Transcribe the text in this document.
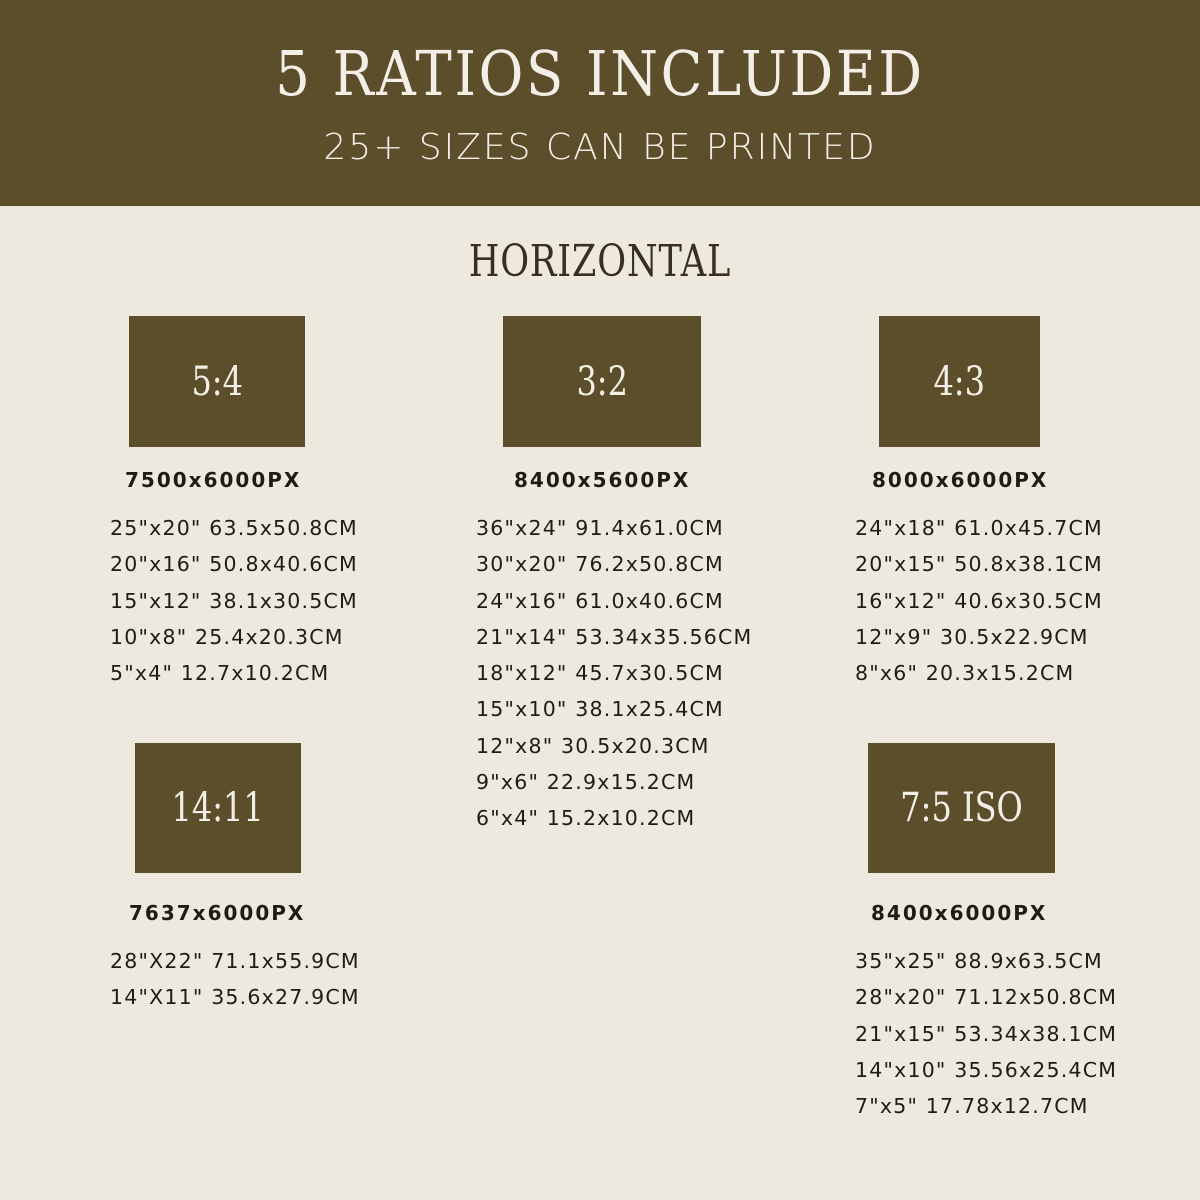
5 RATIOS INCLUDED
25+ SIZES CAN BE PRINTED
HORIZONTAL
5:4
7500x6000PX
25"x20" 63.5x50.8CM
20"x16" 50.8x40.6CM
15"x12" 38.1x30.5CM
10"x8" 25.4x20.3CM
5"x4" 12.7x10.2CM
3:2
8400x5600PX
36"x24" 91.4x61.0CM
30"x20" 76.2x50.8CM
24"x16" 61.0x40.6CM
21"x14" 53.34x35.56CM
18"x12" 45.7x30.5CM
15"x10" 38.1x25.4CM
12"x8" 30.5x20.3CM
9"x6" 22.9x15.2CM
6"x4" 15.2x10.2CM
4:3
8000x6000PX
24"x18" 61.0x45.7CM
20"x15" 50.8x38.1CM
16"x12" 40.6x30.5CM
12"x9" 30.5x22.9CM
8"x6" 20.3x15.2CM
14:11
7637x6000PX
28"X22" 71.1x55.9CM
14"X11" 35.6x27.9CM
7:5 ISO
8400x6000PX
35"x25" 88.9x63.5CM
28"x20" 71.12x50.8CM
21"x15" 53.34x38.1CM
14"x10" 35.56x25.4CM
7"x5" 17.78x12.7CM
